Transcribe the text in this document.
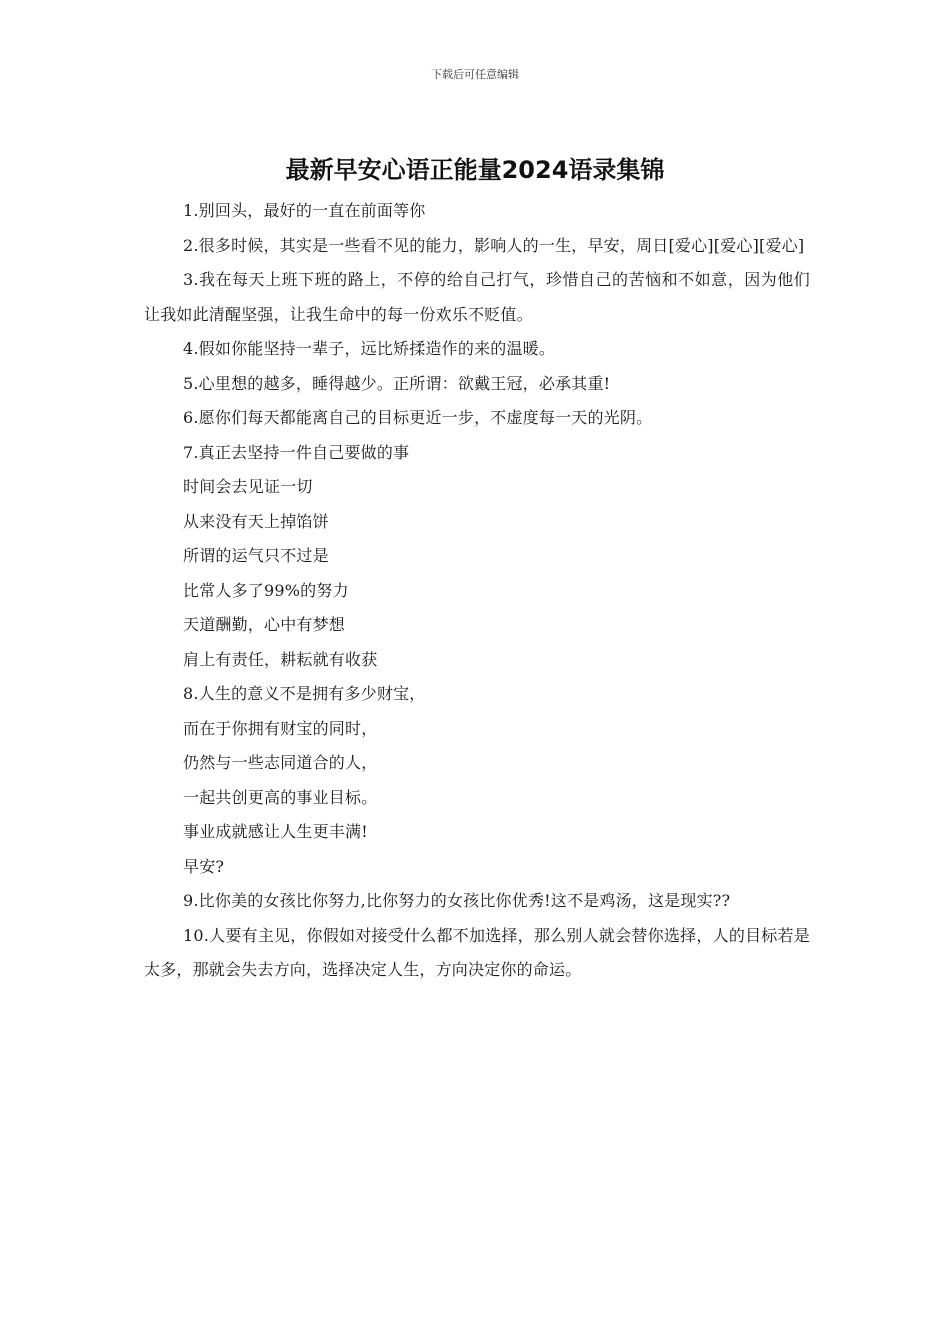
下载后可任意编辑
最新早安心语正能量2024语录集锦

1.别回头，最好的一直在前面等你

2.很多时候，其实是一些看不见的能力，影响人的一生，早安，周日[爱心][爱心][爱心]

3.我在每天上班下班的路上，不停的给自己打气，珍惜自己的苦恼和不如意，因为他们让我如此清醒坚强，让我生命中的每一份欢乐不贬值。

4.假如你能坚持一辈子，远比矫揉造作的来的温暖。

5.心里想的越多，睡得越少。正所谓：欲戴王冠，必承其重!

6.愿你们每天都能离自己的目标更近一步，不虚度每一天的光阴。

7.真正去坚持一件自己要做的事

时间会去见证一切

从来没有天上掉馅饼

所谓的运气只不过是

比常人多了99%的努力

天道酬勤，心中有梦想

肩上有责任，耕耘就有收获

8.人生的意义不是拥有多少财宝，

而在于你拥有财宝的同时，

仍然与一些志同道合的人，

一起共创更高的事业目标。

事业成就感让人生更丰满!

早安?

9.比你美的女孩比你努力,比你努力的女孩比你优秀!这不是鸡汤，这是现实??

10.人要有主见，你假如对接受什么都不加选择，那么别人就会替你选择，人的目标若是太多，那就会失去方向，选择决定人生，方向决定你的命运。
